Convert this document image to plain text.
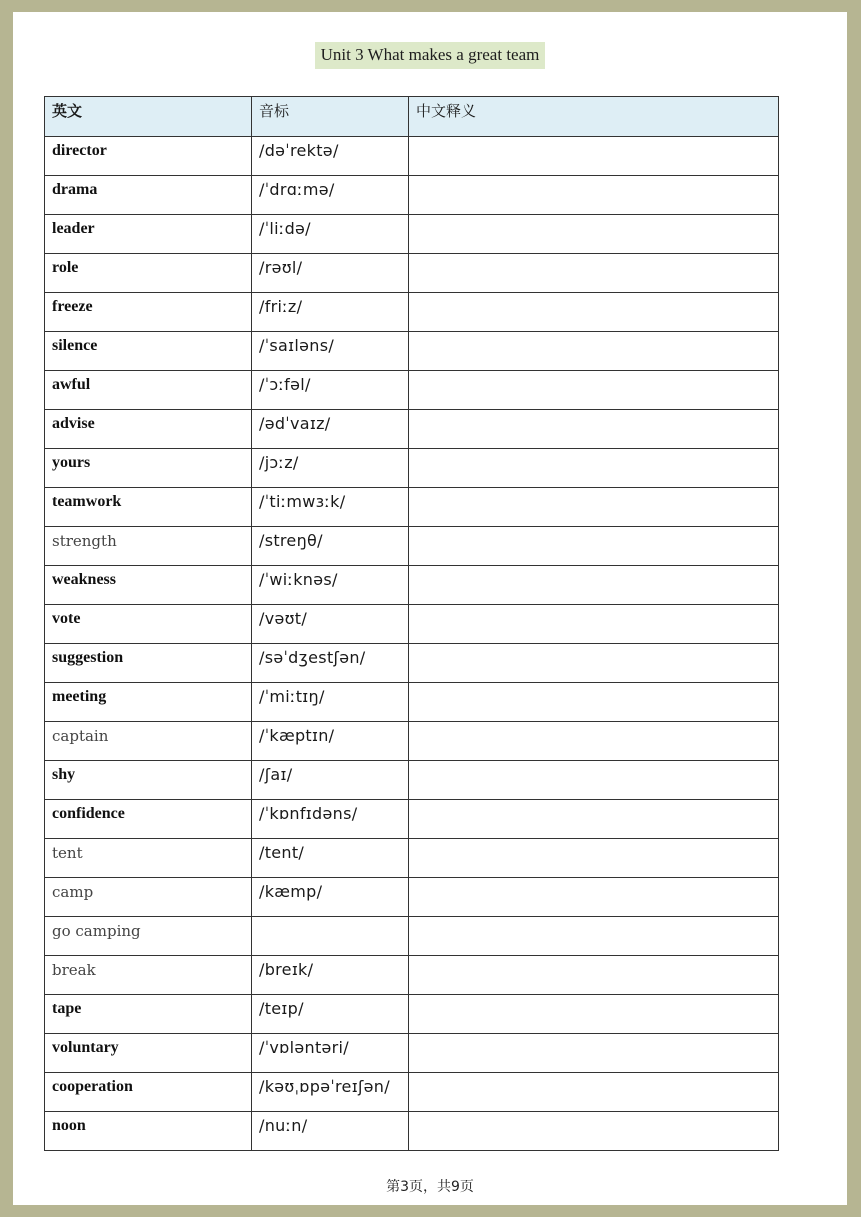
Unit 3 What makes a great team
英文	音标	中文释义
director	/dəˈrektə/	
drama	/ˈdrɑːmə/	
leader	/ˈliːdə/	
role	/rəʊl/	
freeze	/friːz/	
silence	/ˈsaɪləns/	
awful	/ˈɔːfəl/	
advise	/ədˈvaɪz/	
yours	/jɔːz/	
teamwork	/ˈtiːmwɜːk/	
strength	/streŋθ/	
weakness	/ˈwiːknəs/	
vote	/vəʊt/	
suggestion	/səˈdʒestʃən/	
meeting	/ˈmiːtɪŋ/	
captain	/ˈkæptɪn/	
shy	/ʃaɪ/	
confidence	/ˈkɒnfɪdəns/	
tent	/tent/	
camp	/kæmp/	
go camping		
break	/breɪk/	
tape	/teɪp/	
voluntary	/ˈvɒləntəri/	
cooperation	/kəʊˌɒpəˈreɪʃən/	
noon	/nuːn/	
第3页，共9页
